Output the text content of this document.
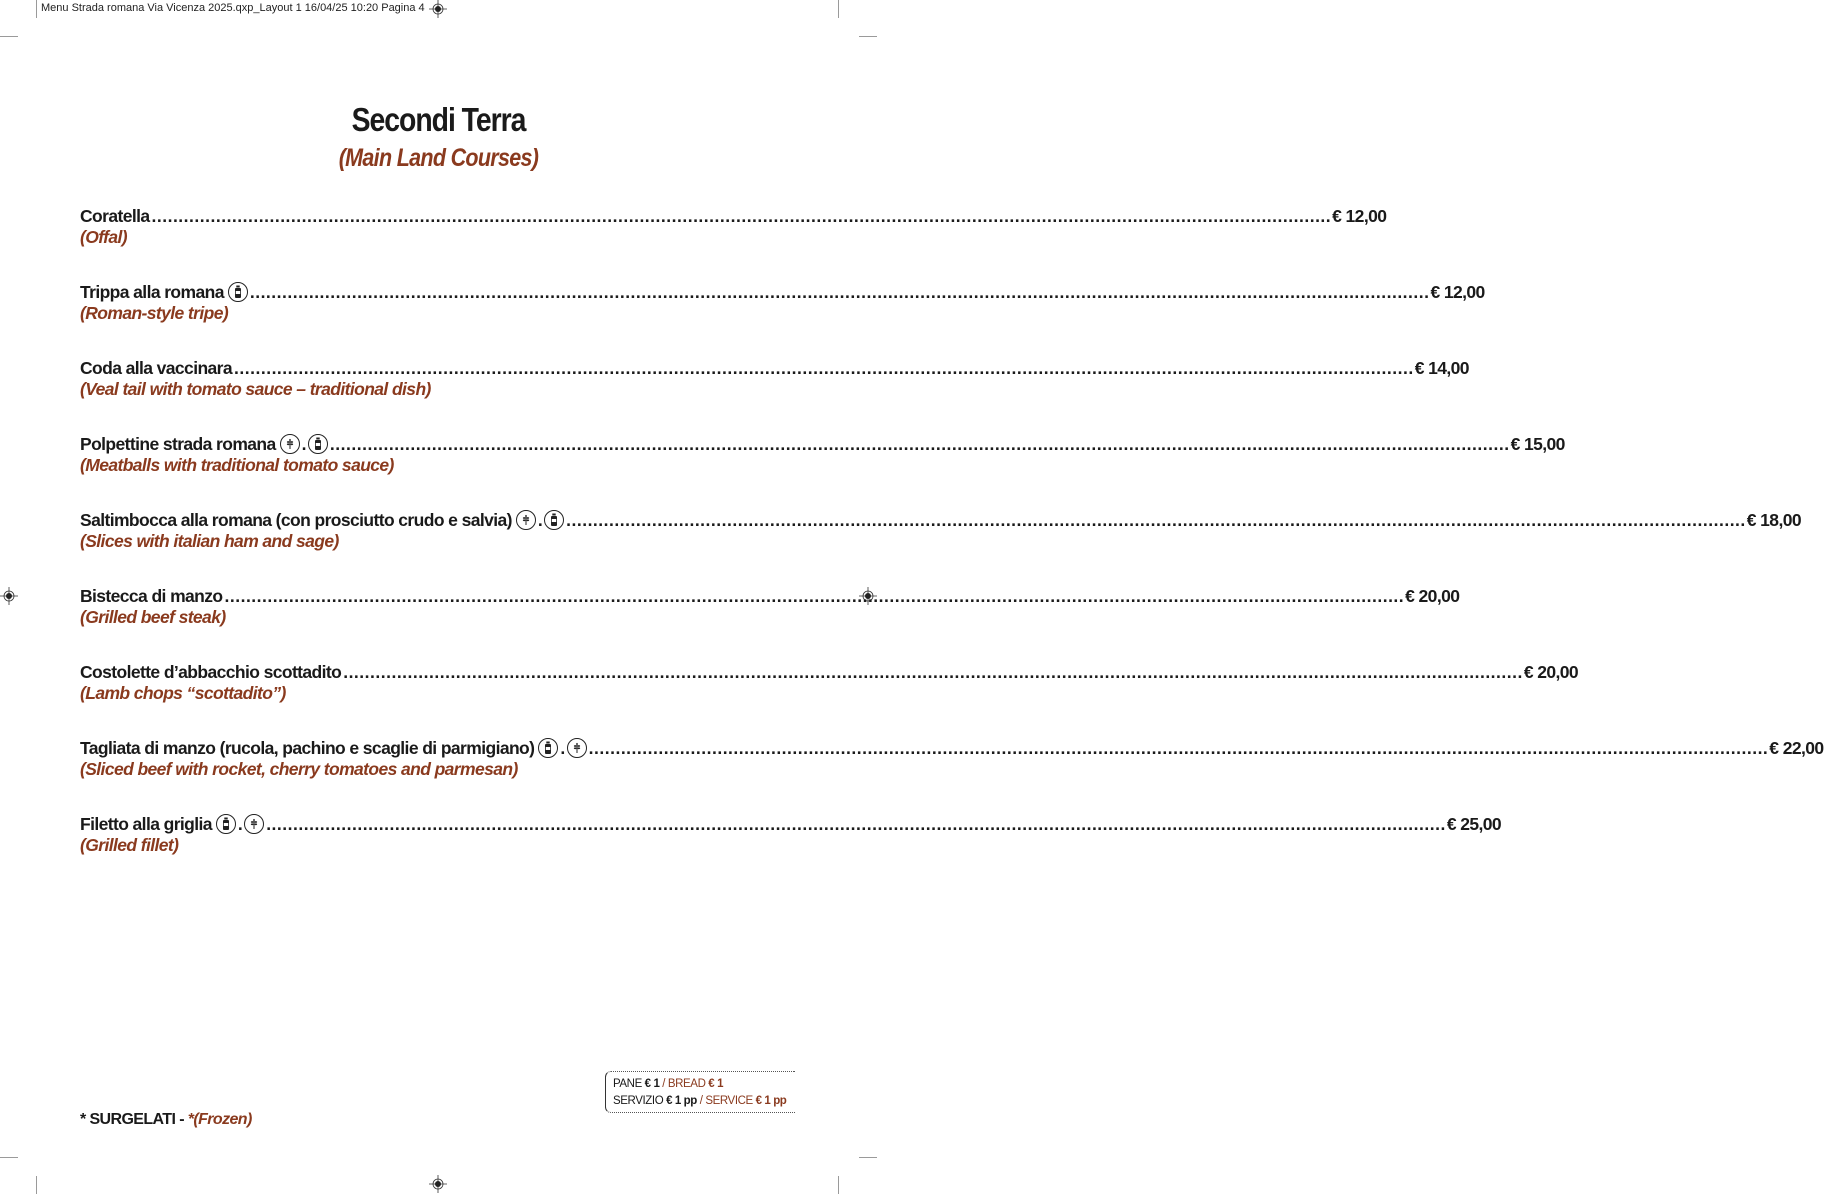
Menu Strada romana Via Vicenza 2025.qxp_Layout 1 16/04/25 10:20 Pagina 4
Secondi Terra
(Main Land Courses)
Coratella ............................................................................................................................................................................................................................ € 12,00
(Offal)
Trippa alla romana ............................................................................................................................................................................................................................ € 12,00
(Roman-style tripe)
Coda alla vaccinara ............................................................................................................................................................................................................................ € 14,00
(Veal tail with tomato sauce – traditional dish)
Polpettine strada romana . ............................................................................................................................................................................................................................ € 15,00
(Meatballs with traditional tomato sauce)
Saltimbocca alla romana (con prosciutto crudo e salvia) . ............................................................................................................................................................................................................................ € 18,00
(Slices with italian ham and sage)
Bistecca di manzo ............................................................................................................................................................................................................................ € 20,00
(Grilled beef steak)
Costolette d’abbacchio scottadito ............................................................................................................................................................................................................................ € 20,00
(Lamb chops “scottadito”)
Tagliata di manzo (rucola, pachino e scaglie di parmigiano) . ............................................................................................................................................................................................................................ € 22,00
(Sliced beef with rocket, cherry tomatoes and parmesan)
Filetto alla griglia . ............................................................................................................................................................................................................................ € 25,00
(Grilled fillet)
PANE € 1 / BREAD € 1
SERVIZIO € 1 pp / SERVICE € 1 pp
* SURGELATI - *(Frozen)
